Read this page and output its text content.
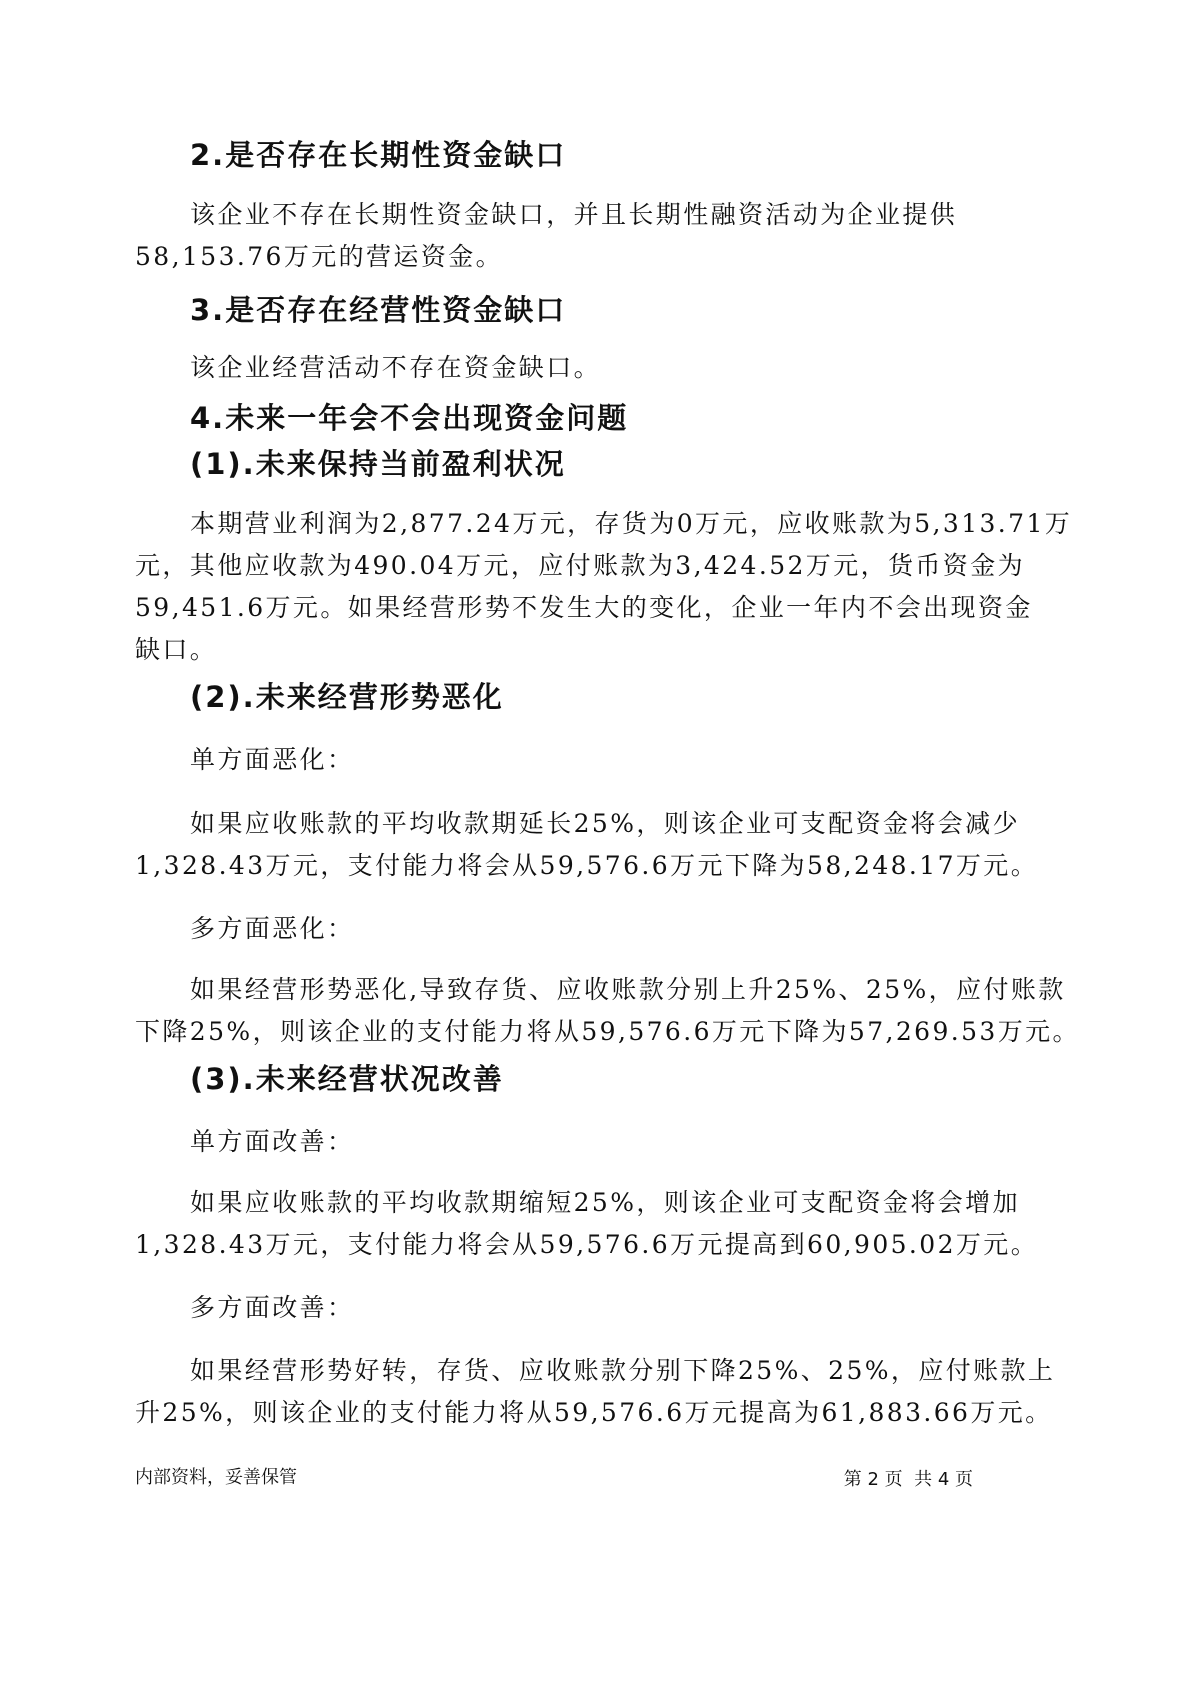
2.是否存在长期性资金缺口

该企业不存在长期性资金缺口，并且长期性融资活动为企业提供

58,153.76万元的营运资金。

3.是否存在经营性资金缺口

该企业经营活动不存在资金缺口。

4.未来一年会不会出现资金问题
(1).未来保持当前盈利状况

本期营业利润为2,877.24万元，存货为0万元，应收账款为5,313.71万

元，其他应收款为490.04万元，应付账款为3,424.52万元，货币资金为

59,451.6万元。如果经营形势不发生大的变化，企业一年内不会出现资金

缺口。

(2).未来经营形势恶化

单方面恶化：

如果应收账款的平均收款期延长25%，则该企业可支配资金将会减少

1,328.43万元，支付能力将会从59,576.6万元下降为58,248.17万元。

多方面恶化：

如果经营形势恶化,导致存货、应收账款分别上升25%、25%，应付账款

下降25%，则该企业的支付能力将从59,576.6万元下降为57,269.53万元。

(3).未来经营状况改善

单方面改善：

如果应收账款的平均收款期缩短25%，则该企业可支配资金将会增加

1,328.43万元，支付能力将会从59,576.6万元提高到60,905.02万元。

多方面改善：

如果经营形势好转，存货、应收账款分别下降25%、25%，应付账款上

升25%，则该企业的支付能力将从59,576.6万元提高为61,883.66万元。

内部资料，妥善保管	第 2 页  共 4 页
